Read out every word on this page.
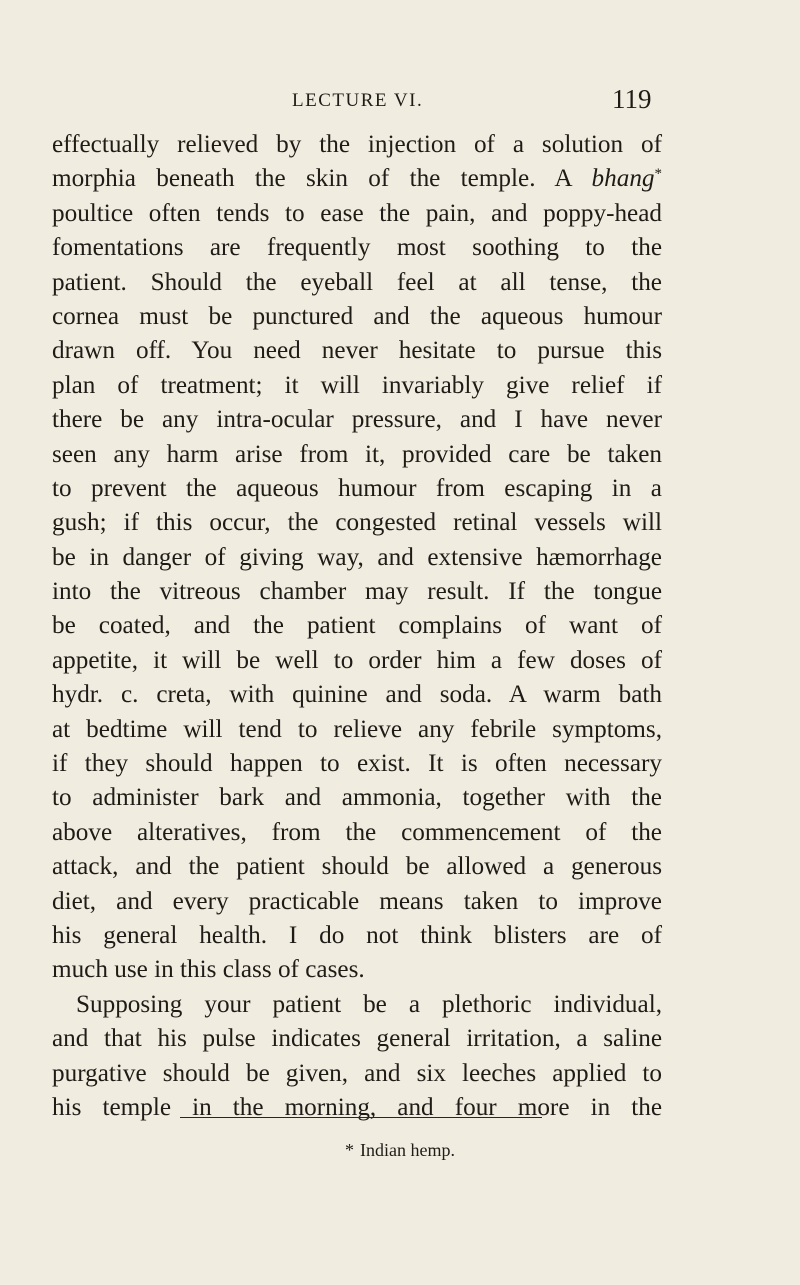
LECTURE VI.	119
effectually relieved by the injection of a solution of
morphia beneath the skin of the temple. A bhang*
poultice often tends to ease the pain, and poppy-head
fomentations are frequently most soothing to the
patient. Should the eyeball feel at all tense, the
cornea must be punctured and the aqueous humour
drawn off. You need never hesitate to pursue this
plan of treatment; it will invariably give relief if
there be any intra-ocular pressure, and I have never
seen any harm arise from it, provided care be taken
to prevent the aqueous humour from escaping in a
gush; if this occur, the congested retinal vessels will
be in danger of giving way, and extensive hæmorrhage
into the vitreous chamber may result. If the tongue
be coated, and the patient complains of want of
appetite, it will be well to order him a few doses of
hydr. c. creta, with quinine and soda. A warm bath
at bedtime will tend to relieve any febrile symptoms,
if they should happen to exist. It is often necessary
to administer bark and ammonia, together with the
above alteratives, from the commencement of the
attack, and the patient should be allowed a generous
diet, and every practicable means taken to improve
his general health. I do not think blisters are of
much use in this class of cases.
Supposing your patient be a plethoric individual,
and that his pulse indicates general irritation, a saline
purgative should be given, and six leeches applied to
his temple in the morning, and four more in the
* Indian hemp.
